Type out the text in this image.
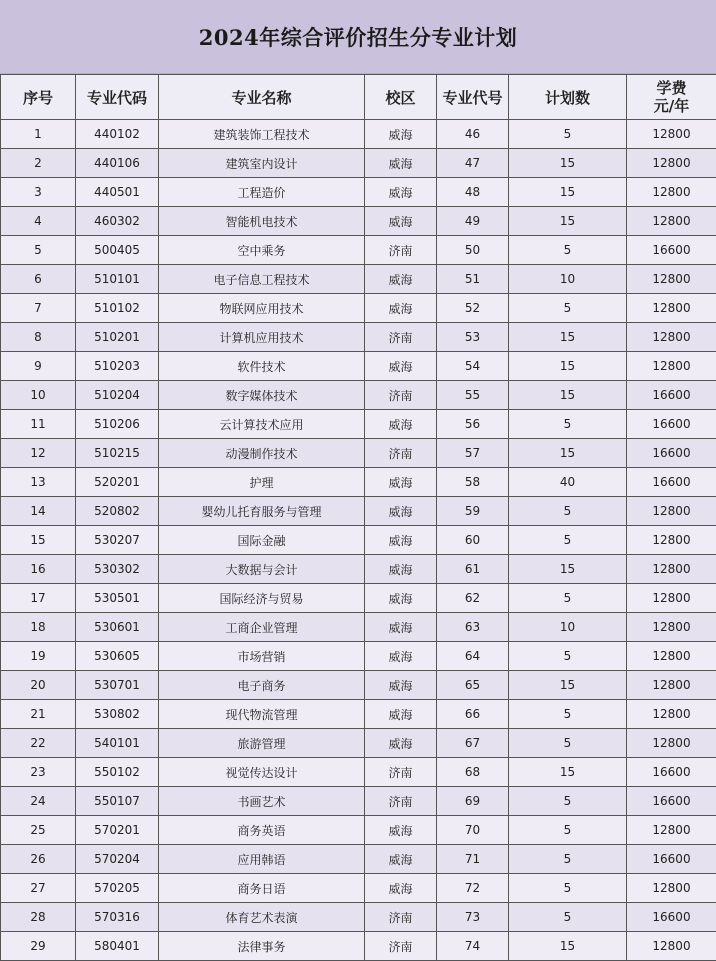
2024年综合评价招生分专业计划
序号	专业代码	专业名称	校区	专业代号	计划数	学费
元/年
1	440102	建筑装饰工程技术	威海	46	5	12800
2	440106	建筑室内设计	威海	47	15	12800
3	440501	工程造价	威海	48	15	12800
4	460302	智能机电技术	威海	49	15	12800
5	500405	空中乘务	济南	50	5	16600
6	510101	电子信息工程技术	威海	51	10	12800
7	510102	物联网应用技术	威海	52	5	12800
8	510201	计算机应用技术	济南	53	15	12800
9	510203	软件技术	威海	54	15	12800
10	510204	数字媒体技术	济南	55	15	16600
11	510206	云计算技术应用	威海	56	5	16600
12	510215	动漫制作技术	济南	57	15	16600
13	520201	护理	威海	58	40	16600
14	520802	婴幼儿托育服务与管理	威海	59	5	12800
15	530207	国际金融	威海	60	5	12800
16	530302	大数据与会计	威海	61	15	12800
17	530501	国际经济与贸易	威海	62	5	12800
18	530601	工商企业管理	威海	63	10	12800
19	530605	市场营销	威海	64	5	12800
20	530701	电子商务	威海	65	15	12800
21	530802	现代物流管理	威海	66	5	12800
22	540101	旅游管理	威海	67	5	12800
23	550102	视觉传达设计	济南	68	15	16600
24	550107	书画艺术	济南	69	5	16600
25	570201	商务英语	威海	70	5	12800
26	570204	应用韩语	威海	71	5	16600
27	570205	商务日语	威海	72	5	12800
28	570316	体育艺术表演	济南	73	5	16600
29	580401	法律事务	济南	74	15	12800
